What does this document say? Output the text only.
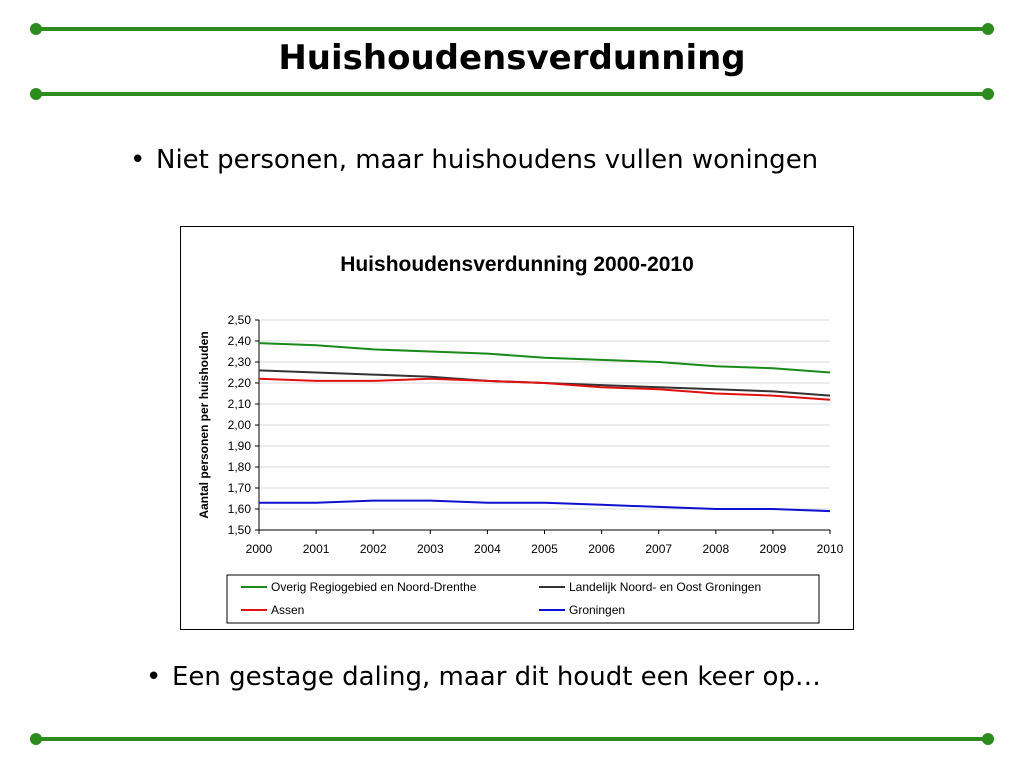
Huishoudensverdunning
• Niet personen, maar huishoudens vullen woningen
Huishoudensverdunning 2000-2010
1,50
1,60
1,70
1,80
1,90
2,00
2,10
2,20
2,30
2,40
2,50
2000	2001	2002	2003	2004	2005	2006	2007	2008	2009	2010
Aantal personen per huishouden
Overig Regiogebied en Noord-Drenthe	Landelijk Noord- en Oost Groningen
Assen	Groningen
• Een gestage daling, maar dit houdt een keer op…
